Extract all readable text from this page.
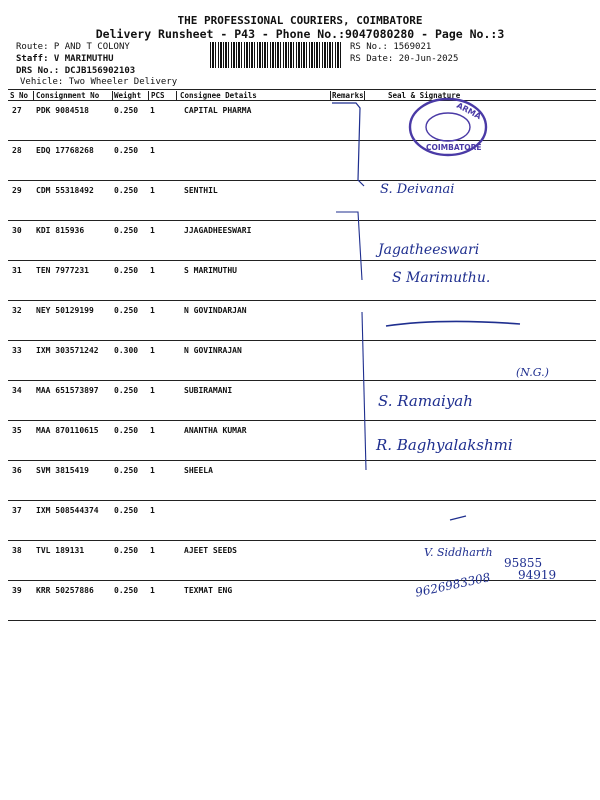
THE PROFESSIONAL COURIERS, COIMBATORE
Delivery Runsheet - P43 - Phone No.:9047080280 - Page No.:3
Route: P AND T COLONY
Staff: V MARIMUTHU
DRS No.: DCJB156902103
Vehicle: Two Wheeler Delivery
RS No.: 1569021
RS Date: 20-Jun-2025
S No Consignment No Weight PCS Consignee Details	Remarks	Seal & Signature
27 PDK 9084518	0.250 1	CAPITAL PHARMA
28 EDQ 17768268	0.250 1
29 CDM 55318492	0.250 1	SENTHIL
30 KDI 815936	0.250 1	JJAGADHEESWARI
31 TEN 7977231	0.250 1	S MARIMUTHU
32 NEY 50129199	0.250 1	N GOVINDARJAN
33 IXM 303571242 0.300 1	N GOVINRAJAN
34 MAA 651573897 0.250 1	SUBIRAMANI
35 MAA 870110615 0.250 1	ANANTHA KUMAR
36 SVM 3815419	0.250 1	SHEELA
37 IXM 508544374 0.250 1
38 TVL 189131	0.250 1	AJEET SEEDS
39 KRR 50257886	0.250 1	TEXMAT ENG
ARMA
COIMBATORE
S. Deivanai
Jagatheeswari
S Marimuthu.
(N.G.)
S. Ramaiyah
R. Baghyalakshmi
V. Siddharth
95855
94919
9626983308
